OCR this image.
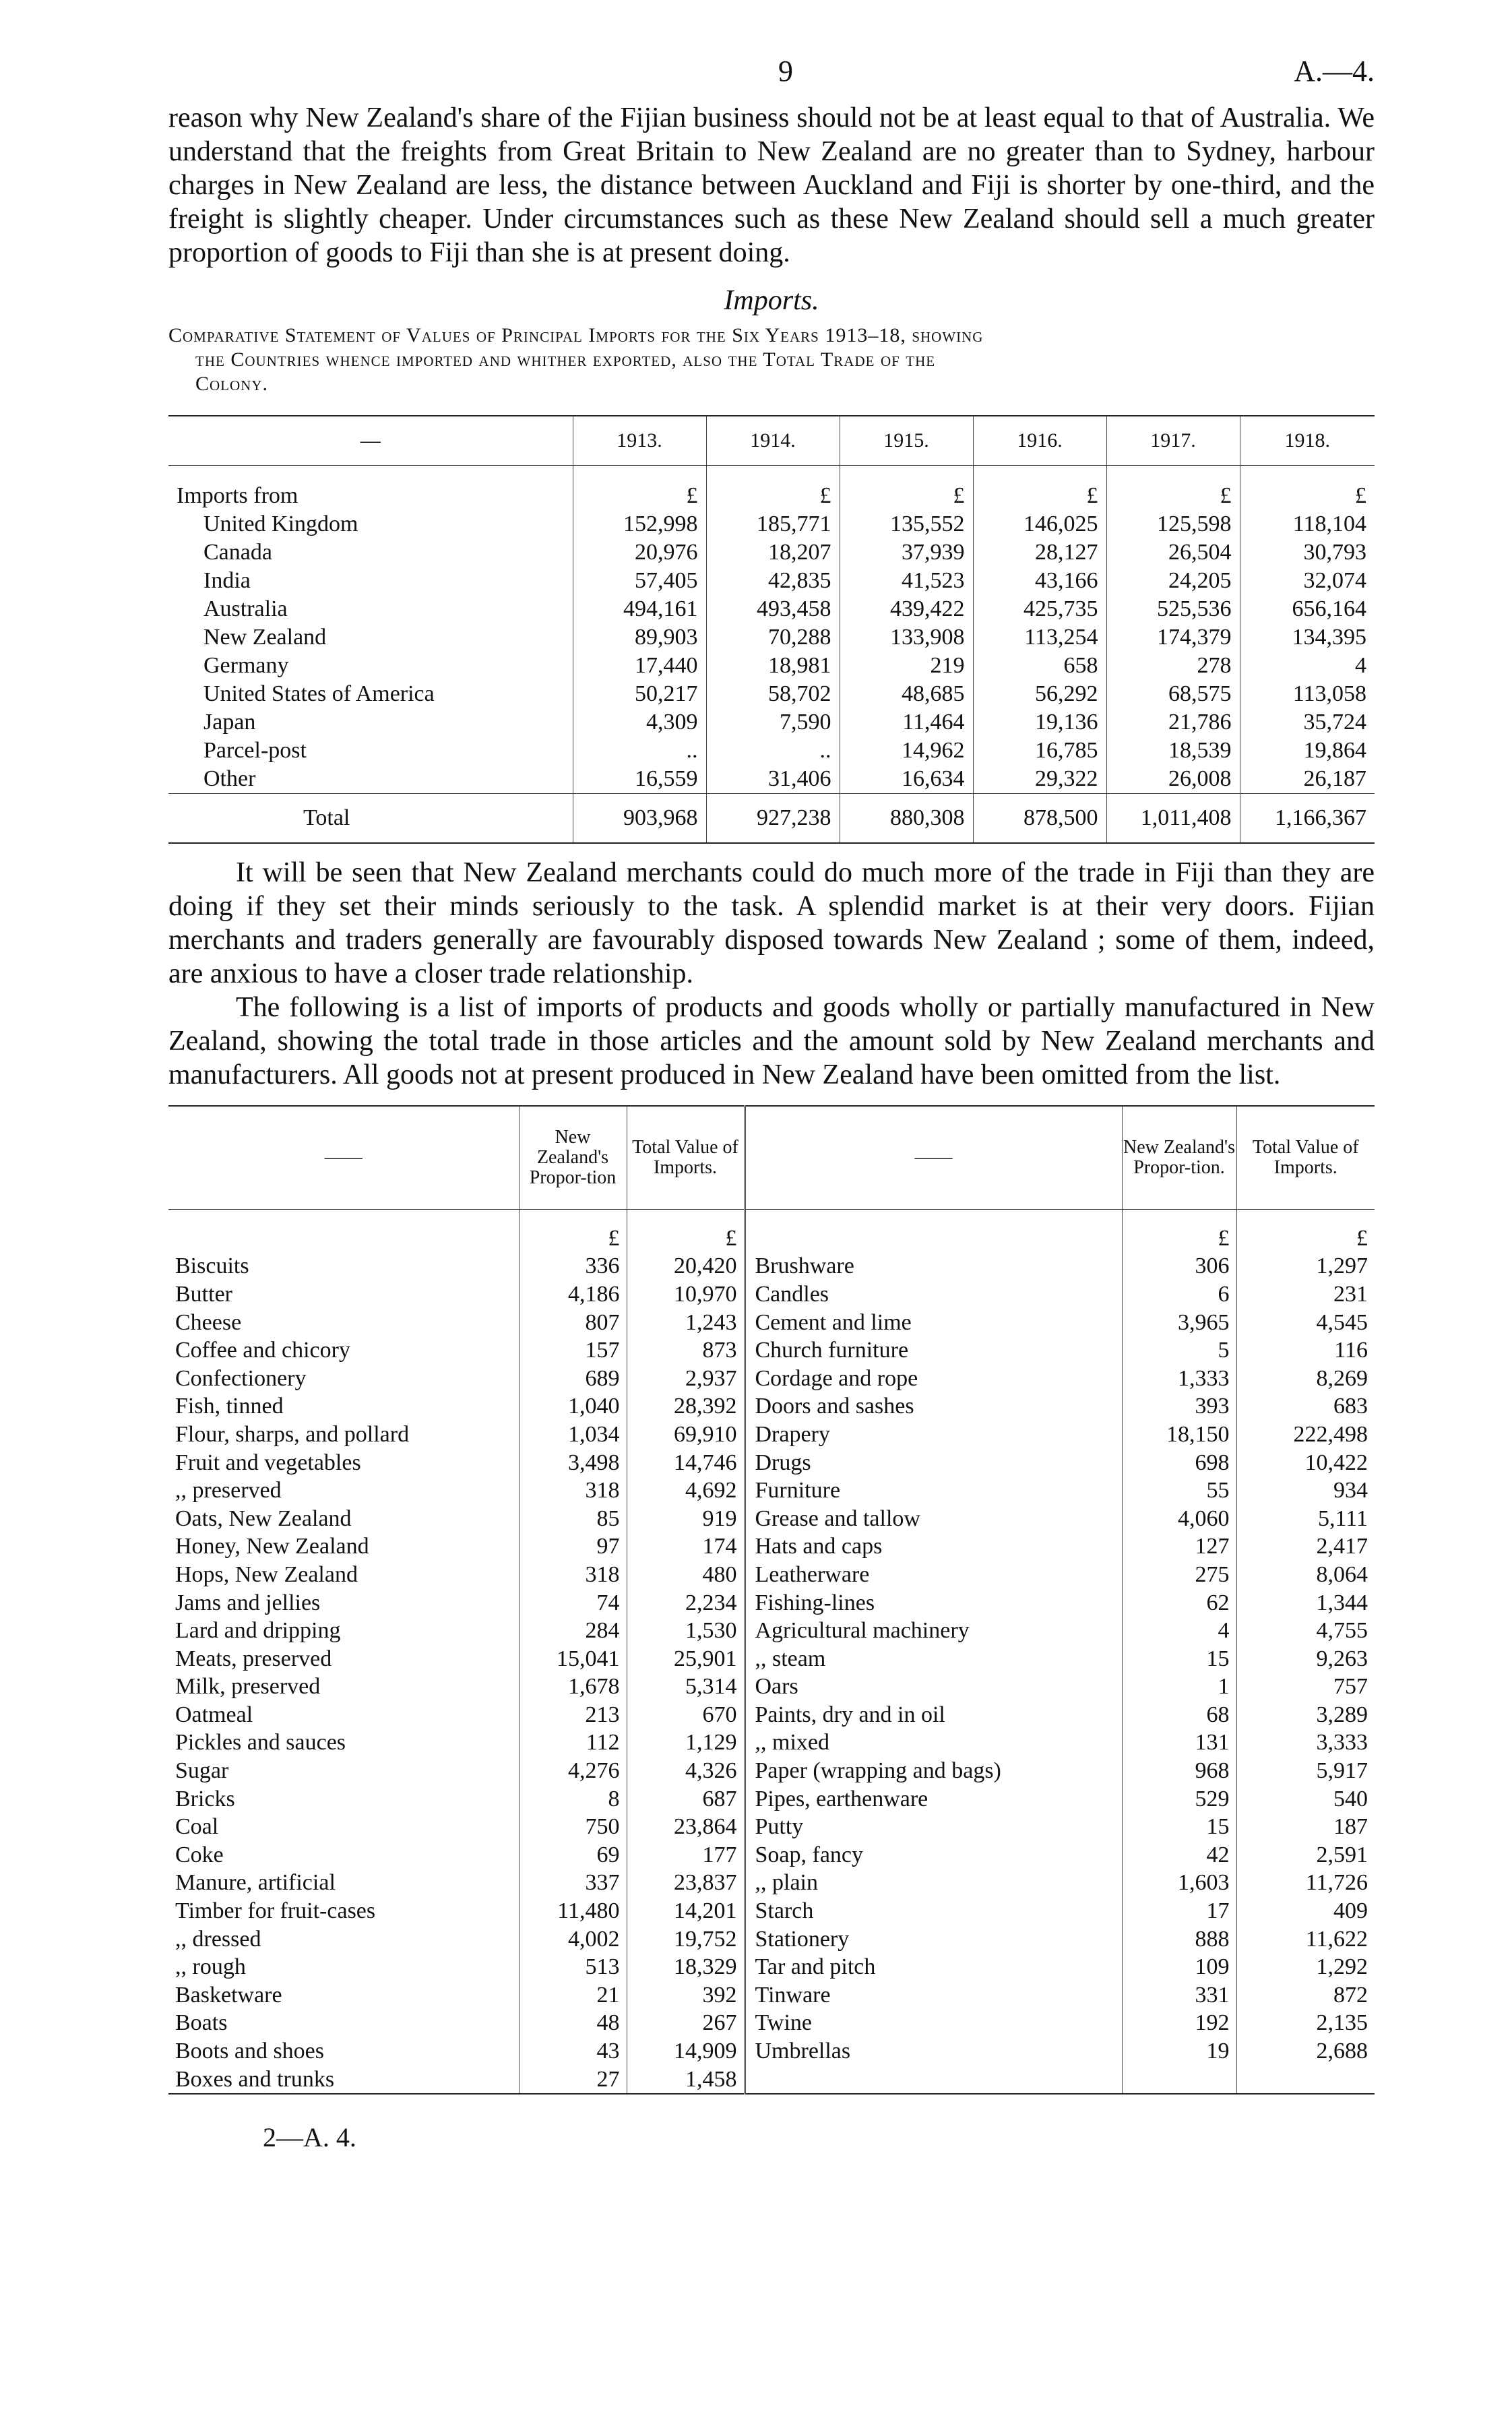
9	A.—4.

reason why New Zealand's share of the Fijian business should not be at least equal to that of Australia. We understand that the freights from Great Britain to New Zealand are no greater than to Sydney, harbour charges in New Zealand are less, the distance between Auckland and Fiji is shorter by one-third, and the freight is slightly cheaper. Under circumstances such as these New Zealand should sell a much greater proportion of goods to Fiji than she is at present doing.

Imports.
Comparative Statement of Values of Principal Imports for the Six Years 1913–18, showing
the Countries whence imported and whither exported, also the Total Trade of the
Colony.
—	1913.	1914.	1915.	1916.	1917.	1918.
Imports from	£	£	£	£	£	£
United Kingdom	152,998	185,771	135,552	146,025	125,598	118,104
Canada	20,976	18,207	37,939	28,127	26,504	30,793
India	57,405	42,835	41,523	43,166	24,205	32,074
Australia	494,161	493,458	439,422	425,735	525,536	656,164
New Zealand	89,903	70,288	133,908	113,254	174,379	134,395
Germany	17,440	18,981	219	658	278	4
United States of America	50,217	58,702	48,685	56,292	68,575	113,058
Japan	4,309	7,590	11,464	19,136	21,786	35,724
Parcel-post	..	..	14,962	16,785	18,539	19,864
Other	16,559	31,406	16,634	29,322	26,008	26,187
Total	903,968	927,238	880,308	878,500	1,011,408	1,166,367

It will be seen that New Zealand merchants could do much more of the trade in Fiji than they are doing if they set their minds seriously to the task. A splendid market is at their very doors. Fijian merchants and traders generally are favourably disposed towards New Zealand ; some of them, indeed, are anxious to have a closer trade relationship.

The following is a list of imports of products and goods wholly or partially manufactured in New Zealand, showing the total trade in those articles and the amount sold by New Zealand merchants and manufacturers. All goods not at present produced in New Zealand have been omitted from the list.

——	New Zealand's Propor-tion	Total Value of Imports.	——	New Zealand's Propor-tion.	Total Value of Imports.
	£	£		£	£
Biscuits	336	20,420	Brushware	306	1,297
Butter	4,186	10,970	Candles	6	231
Cheese	807	1,243	Cement and lime	3,965	4,545
Coffee and chicory	157	873	Church furniture	5	116
Confectionery	689	2,937	Cordage and rope	1,333	8,269
Fish, tinned	1,040	28,392	Doors and sashes	393	683
Flour, sharps, and pollard	1,034	69,910	Drapery	18,150	222,498
Fruit and vegetables	3,498	14,746	Drugs	698	10,422
,, preserved	318	4,692	Furniture	55	934
Oats, New Zealand	85	919	Grease and tallow	4,060	5,111
Honey, New Zealand	97	174	Hats and caps	127	2,417
Hops, New Zealand	318	480	Leatherware	275	8,064
Jams and jellies	74	2,234	Fishing-lines	62	1,344
Lard and dripping	284	1,530	Agricultural machinery	4	4,755
Meats, preserved	15,041	25,901	,, steam	15	9,263
Milk, preserved	1,678	5,314	Oars	1	757
Oatmeal	213	670	Paints, dry and in oil	68	3,289
Pickles and sauces	112	1,129	,, mixed	131	3,333
Sugar	4,276	4,326	Paper (wrapping and bags)	968	5,917
Bricks	8	687	Pipes, earthenware	529	540
Coal	750	23,864	Putty	15	187
Coke	69	177	Soap, fancy	42	2,591
Manure, artificial	337	23,837	,, plain	1,603	11,726
Timber for fruit-cases	11,480	14,201	Starch	17	409
,, dressed	4,002	19,752	Stationery	888	11,622
,, rough	513	18,329	Tar and pitch	109	1,292
Basketware	21	392	Tinware	331	872
Boats	48	267	Twine	192	2,135
Boots and shoes	43	14,909	Umbrellas	19	2,688
Boxes and trunks	27	1,458			
2—A. 4.
